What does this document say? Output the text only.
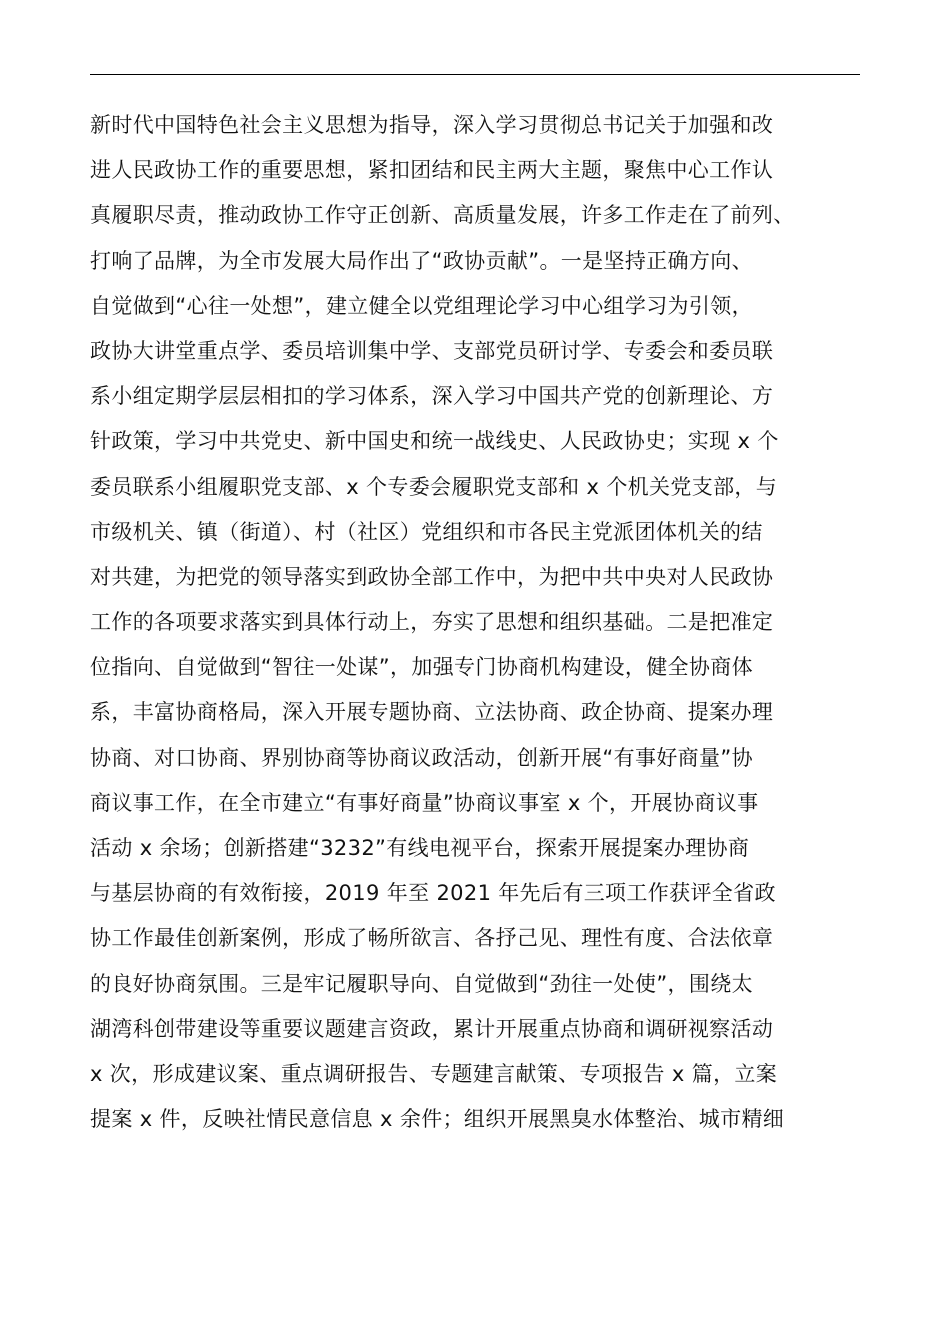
新时代中国特色社会主义思想为指导，深入学习贯彻总书记关于加强和改
进人民政协工作的重要思想，紧扣团结和民主两大主题，聚焦中心工作认
真履职尽责，推动政协工作守正创新、高质量发展，许多工作走在了前列、
打响了品牌，为全市发展大局作出了“政协贡献”。一是坚持正确方向、
自觉做到“心往一处想”，建立健全以党组理论学习中心组学习为引领，
政协大讲堂重点学、委员培训集中学、支部党员研讨学、专委会和委员联
系小组定期学层层相扣的学习体系，深入学习中国共产党的创新理论、方
针政策，学习中共党史、新中国史和统一战线史、人民政协史；实现 x 个
委员联系小组履职党支部、x 个专委会履职党支部和 x 个机关党支部，与
市级机关、镇（街道）、村（社区）党组织和市各民主党派团体机关的结
对共建，为把党的领导落实到政协全部工作中，为把中共中央对人民政协
工作的各项要求落实到具体行动上，夯实了思想和组织基础。二是把准定
位指向、自觉做到“智往一处谋”，加强专门协商机构建设，健全协商体
系，丰富协商格局，深入开展专题协商、立法协商、政企协商、提案办理
协商、对口协商、界别协商等协商议政活动，创新开展“有事好商量”协
商议事工作，在全市建立“有事好商量”协商议事室 x 个，开展协商议事
活动 x 余场；创新搭建“3232”有线电视平台，探索开展提案办理协商
与基层协商的有效衔接，2019 年至 2021 年先后有三项工作获评全省政
协工作最佳创新案例，形成了畅所欲言、各抒己见、理性有度、合法依章
的良好协商氛围。三是牢记履职导向、自觉做到“劲往一处使”，围绕太
湖湾科创带建设等重要议题建言资政，累计开展重点协商和调研视察活动
x 次，形成建议案、重点调研报告、专题建言献策、专项报告 x 篇，立案
提案 x 件，反映社情民意信息 x 余件；组织开展黑臭水体整治、城市精细
